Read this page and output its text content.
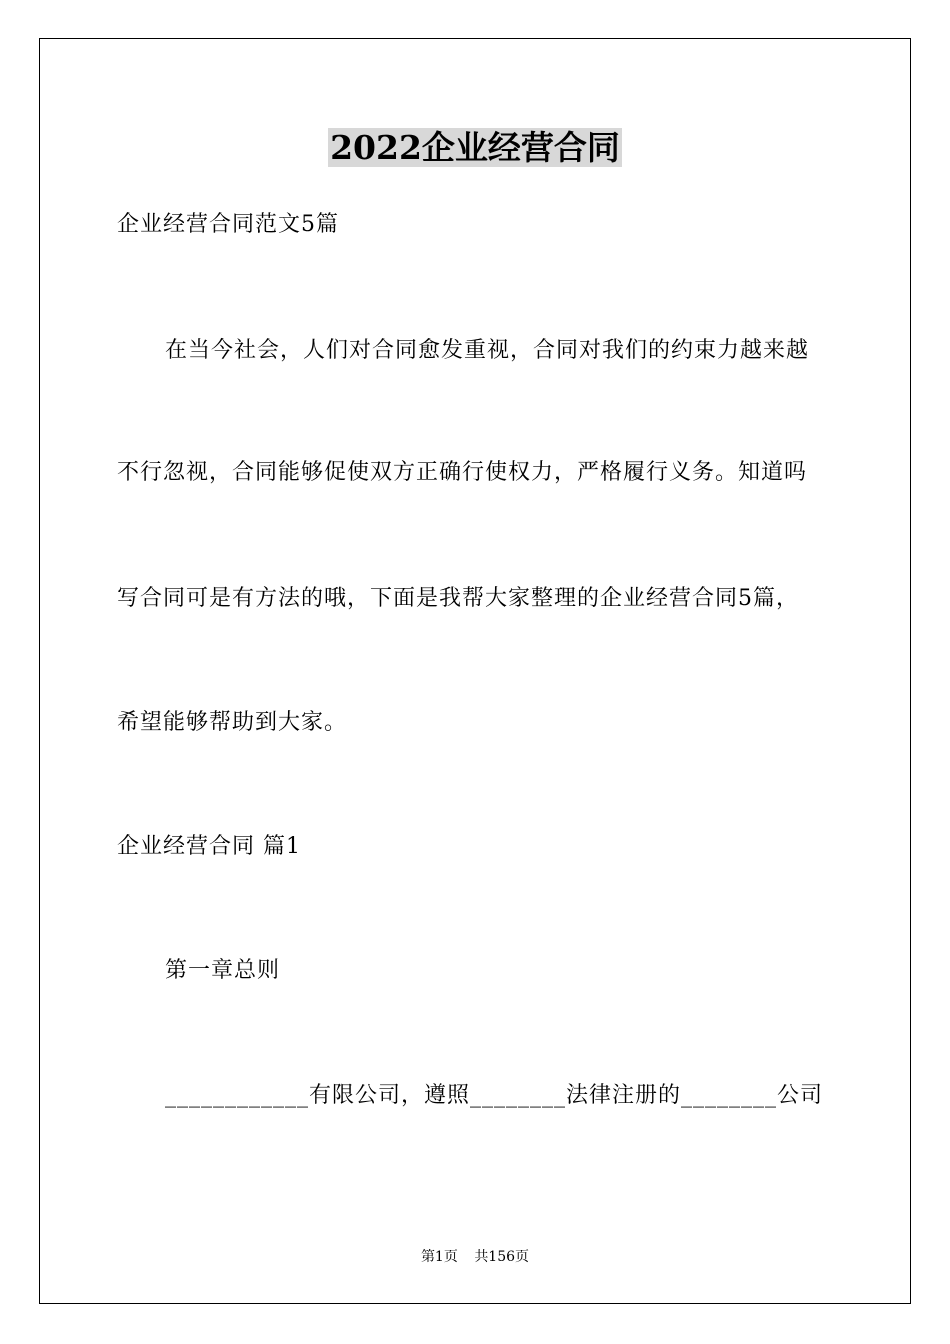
2022企业经营合同
企业经营合同范文5篇
在当今社会，人们对合同愈发重视，合同对我们的约束力越来越
不行忽视，合同能够促使双方正确行使权力，严格履行义务。知道吗
写合同可是有方法的哦，下面是我帮大家整理的企业经营合同5篇，
希望能够帮助到大家。
企业经营合同 篇1
第一章总则
____________有限公司，遵照________法律注册的________公司
第1页 共156页
